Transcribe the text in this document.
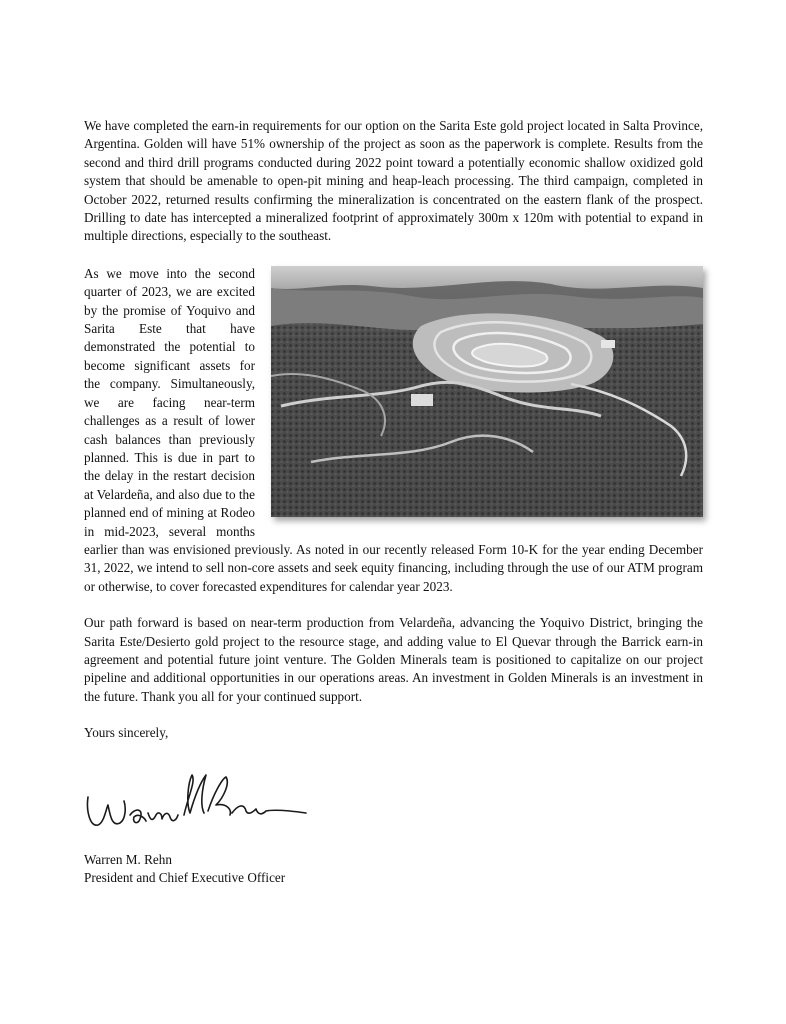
We have completed the earn-in requirements for our option on the Sarita Este gold project located in Salta Province, Argentina. Golden will have 51% ownership of the project as soon as the paperwork is complete. Results from the second and third drill programs conducted during 2022 point toward a potentially economic shallow oxidized gold system that should be amenable to open-pit mining and heap-leach processing. The third campaign, completed in October 2022, returned results confirming the mineralization is concentrated on the eastern flank of the prospect. Drilling to date has intercepted a mineralized footprint of approximately 300m x 120m with potential to expand in multiple directions, especially to the southeast.

As we move into the second quarter of 2023, we are excited by the promise of Yoquivo and Sarita Este that have demonstrated the potential to become significant assets for the company. Simultaneously, we are facing near-term challenges as a result of lower cash balances than previously planned. This is due in part to the delay in the restart decision at Velardeña, and also due to the planned end of mining at Rodeo in mid-2023, several months earlier than was envisioned previously. As noted in our recently released Form 10-K for the year ending December 31, 2022, we intend to sell non-core assets and seek equity financing, including through the use of our ATM program or otherwise, to cover forecasted expenditures for calendar year 2023.

Our path forward is based on near-term production from Velardeña, advancing the Yoquivo District, bringing the Sarita Este/Desierto gold project to the resource stage, and adding value to El Quevar through the Barrick earn-in agreement and potential future joint venture. The Golden Minerals team is positioned to capitalize on our project pipeline and additional opportunities in our operations areas. An investment in Golden Minerals is an investment in the future. Thank you all for your continued support.

Yours sincerely,

Warren M. Rehn

President and Chief Executive Officer
